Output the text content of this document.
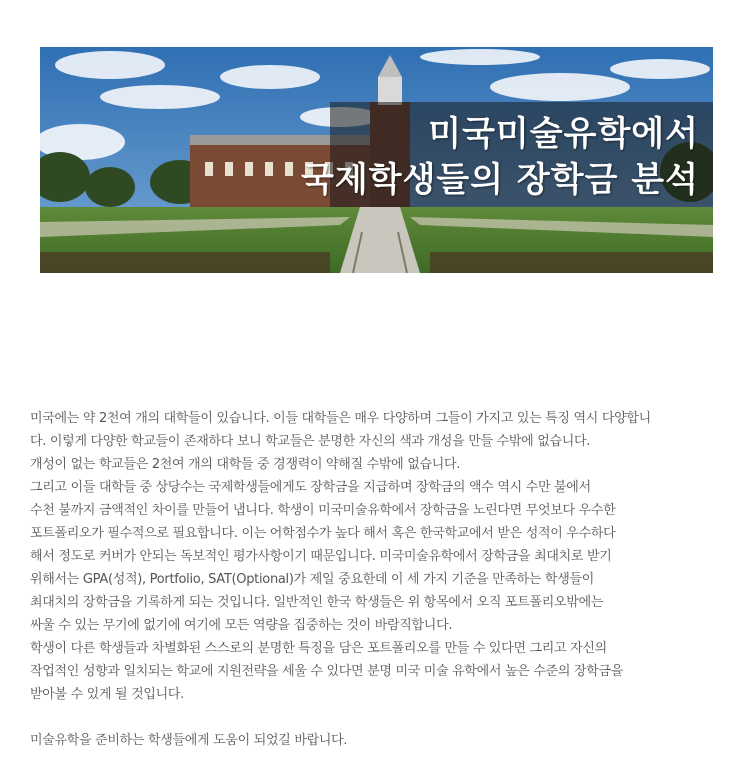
미국미술유학에서
국제학생들의 장학금 분석
미국에는 약 2천여 개의 대학들이 있습니다. 이들 대학들은 매우 다양하며 그들이 가지고 있는 특징 역시 다양합니
다. 이렇게 다양한 학교들이 존재하다 보니 학교들은 분명한 자신의 색과 개성을 만들 수밖에 없습니다.
개성이 없는 학교들은 2천여 개의 대학들 중 경쟁력이 약해질 수밖에 없습니다.
그리고 이들 대학들 중 상당수는 국제학생들에게도 장학금을 지급하며 장학금의 액수 역시 수만 불에서
수천 불까지 금액적인 차이를 만들어 냅니다. 학생이 미국미술유학에서 장학금을 노린다면 무엇보다 우수한
포트폴리오가 필수적으로 필요합니다. 이는 어학점수가 높다 해서 혹은 한국학교에서 받은 성적이 우수하다
해서 정도로 커버가 안되는 독보적인 평가사항이기 때문입니다. 미국미술유학에서 장학금을 최대치로 받기
위해서는 GPA(성적), Portfolio, SAT(Optional)가 제일 중요한데 이 세 가지 기준을 만족하는 학생들이
최대치의 장학금을 기록하게 되는 것입니다. 일반적인 한국 학생들은 위 항목에서 오직 포트폴리오밖에는
싸울 수 있는 무기에 없기에 여기에 모든 역량을 집중하는 것이 바람직합니다.
학생이 다른 학생들과 차별화된 스스로의 분명한 특징을 담은 포트폴리오를 만들 수 있다면 그리고 자신의
작업적인 성향과 일치되는 학교에 지원전략을 세울 수 있다면 분명 미국 미술 유학에서 높은 수준의 장학금을
받아볼 수 있게 될 것입니다.
미술유학을 준비하는 학생들에게 도움이 되었길 바랍니다.
